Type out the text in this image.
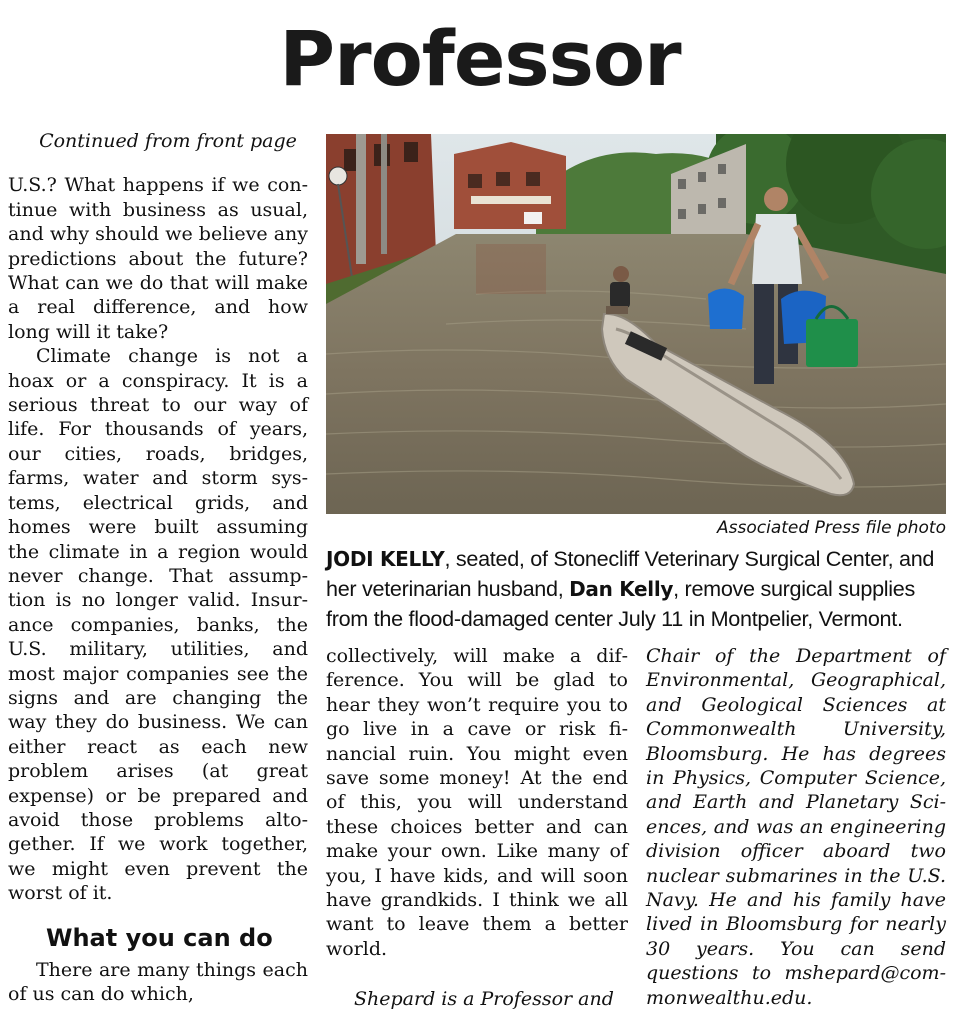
Professor

Continued from front page

U.S.? What happens if we continue with business as usual, and why should we believe any predictions about the future? What can we do that will make a real difference, and how long will it take?

Climate change is not a hoax or a conspiracy. It is a serious threat to our way of life. For thousands of years, our cities, roads, bridges, farms, water and storm systems, electrical grids, and homes were built assuming the climate in a region would never change. That assumption is no longer valid. Insurance companies, banks, the U.S. military, utilities, and most major companies see the signs and are changing the way they do business. We can either react as each new problem arises (at great expense) or be prepared and avoid those problems altogether. If we work together, we might even prevent the worst of it.

What you can do

There are many things each of us can do which,

Associated Press file photo
JODI KELLY, seated, of Stonecliff Veterinary Surgical Center, and her veterinarian husband, Dan Kelly, remove surgical supplies from the flood-damaged center July 11 in Montpelier, Vermont.

collectively, will make a difference. You will be glad to hear they won’t require you to go live in a cave or risk financial ruin. You might even save some money! At the end of this, you will understand these choices better and can make your own. Like many of you, I have kids, and will soon have grandkids. I think we all want to leave them a better world.

Shepard is a Professor and

Chair of the Department of Environmental, Geographical, and Geological Sciences at Commonwealth University, Bloomsburg. He has degrees in Physics, Computer Science, and Earth and Planetary Sciences, and was an engineering division officer aboard two nuclear submarines in the U.S. Navy. He and his family have lived in Bloomsburg for nearly 30 years. You can send questions to mshepard@commonwealthu.edu.
